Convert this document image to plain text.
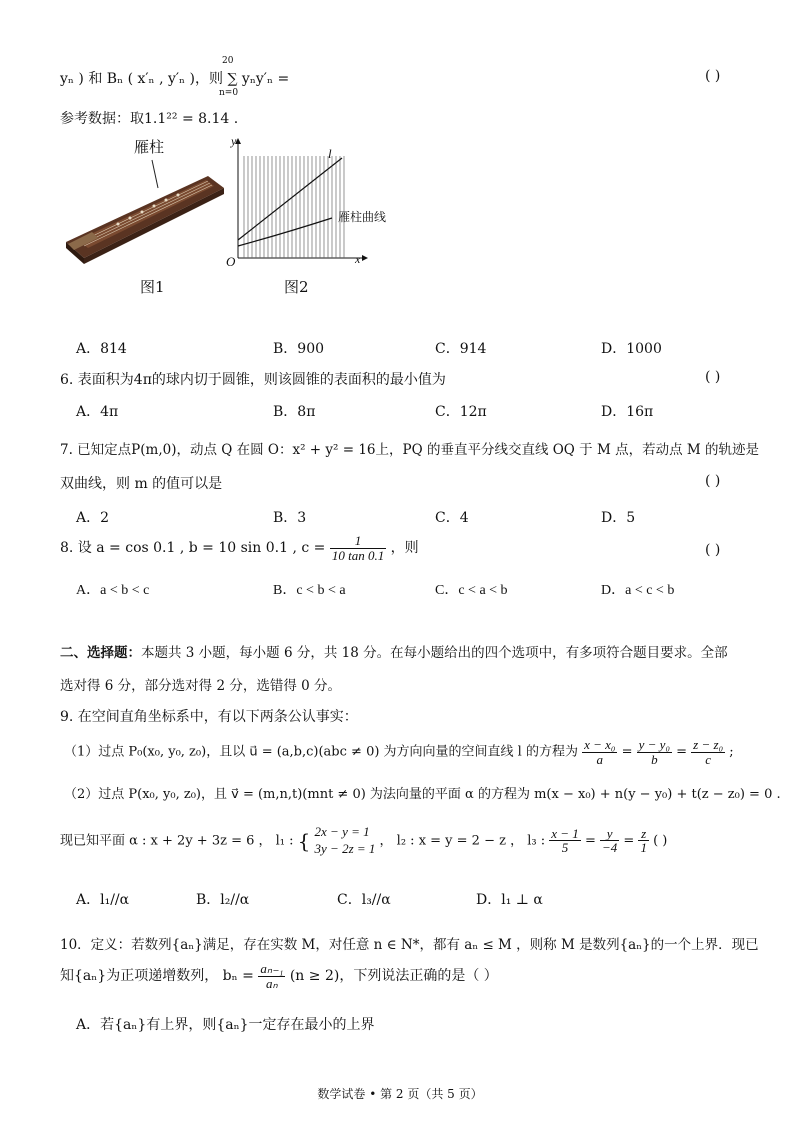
20
yₙ ) 和 Bₙ ( x′ₙ , y′ₙ )，则 ∑ yₙy′ₙ =
n=0
( )
参考数据：取1.1²² = 8.14 .
雁柱
图1
y
l
雁柱曲线
O	x
图2
A．814	B．900	C．914	D．1000
6. 表面积为4π的球内切于圆锥，则该圆锥的表面积的最小值为	( )
A．4π	B．8π	C．12π	D．16π
7. 已知定点P(m,0)，动点 Q 在圆 O：x² + y² = 16上，PQ 的垂直平分线交直线 OQ 于 M 点，若动点 M 的轨迹是
双曲线，则 m 的值可以是	( )
A．2	B．3	C．4	D．5
8. 设 a = cos 0.1 , b = 10 sin 0.1 , $c = \frac{1}{10 \tan 0.1}$ ，则	( )
A．a < b < c	B．c < b < a	C．c < a < b	D．a < c < b
二、选择题：本题共 3 小题，每小题 6 分，共 18 分。在每小题给出的四个选项中，有多项符合题目要求。全部
选对得 6 分，部分选对得 2 分，选错得 0 分。
9. 在空间直角坐标系中，有以下两条公认事实：
（1）过点 P₀(x₀, y₀, z₀)，且以 u⃗ = (a,b,c)(abc ≠ 0) 为方向向量的空间直线 l 的方程为 $\frac{\text{x − x₀}}{a} = \frac{\text{y − y₀}}{b} = \frac{\text{z − z₀}}{c}$ ;
（2）过点 P(x₀, y₀, z₀)，且 v⃗ = (m,n,t)(mnt ≠ 0) 为法向量的平面 α 的方程为 m(x − x₀) + n(y − y₀) + t(z − z₀) = 0 .
现已知平面 α : x + 2y + 3z = 6 ， l₁ : { 2x − y = 1
3y − 2z = 1 ， l₂ : x = y = 2 − z ， l₃ : $\frac{x - 1}{5} = \frac{y}{-4} = \frac{z}{1}$ ( )
A．l₁//α	B．l₂//α	C．l₃//α	D．l₁ ⊥ α
10．定义：若数列{aₙ}满足，存在实数 M，对任意 n ∈ N*，都有 aₙ ≤ M ，则称 M 是数列{aₙ}的一个上界．现已
知{aₙ}为正项递增数列， $b_n = \frac{\text{aₙ₋₁}}{\text{aₙ}} (n \ge 2)$，下列说法正确的是（ ）
A．若{aₙ}有上界，则{aₙ}一定存在最小的上界
数学试卷 • 第 2 页（共 5 页）
